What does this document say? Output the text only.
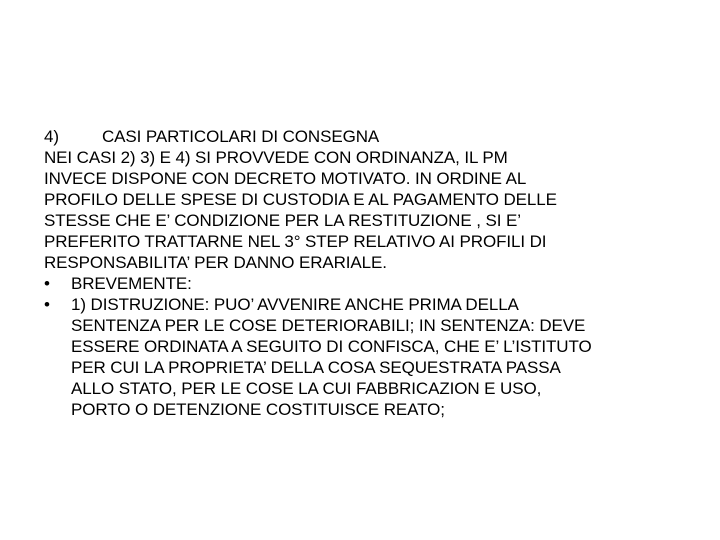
4)	CASI PARTICOLARI DI CONSEGNA
NEI CASI 2) 3) E 4) SI PROVVEDE CON ORDINANZA, IL PM
INVECE DISPONE CON DECRETO MOTIVATO. IN ORDINE AL
PROFILO DELLE SPESE DI CUSTODIA E AL PAGAMENTO DELLE
STESSE CHE E’ CONDIZIONE PER LA RESTITUZIONE , SI E’
PREFERITO TRATTARNE NEL 3° STEP RELATIVO AI PROFILI DI
RESPONSABILITA’ PER DANNO ERARIALE.
•	BREVEMENTE:
•	1) DISTRUZIONE: PUO’ AVVENIRE ANCHE PRIMA DELLA
SENTENZA PER LE COSE DETERIORABILI; IN SENTENZA: DEVE
ESSERE ORDINATA A SEGUITO DI CONFISCA, CHE E’ L’ISTITUTO
PER CUI LA PROPRIETA’ DELLA COSA SEQUESTRATA PASSA
ALLO STATO, PER LE COSE LA CUI FABBRICAZION E USO,
PORTO O DETENZIONE COSTITUISCE REATO;
